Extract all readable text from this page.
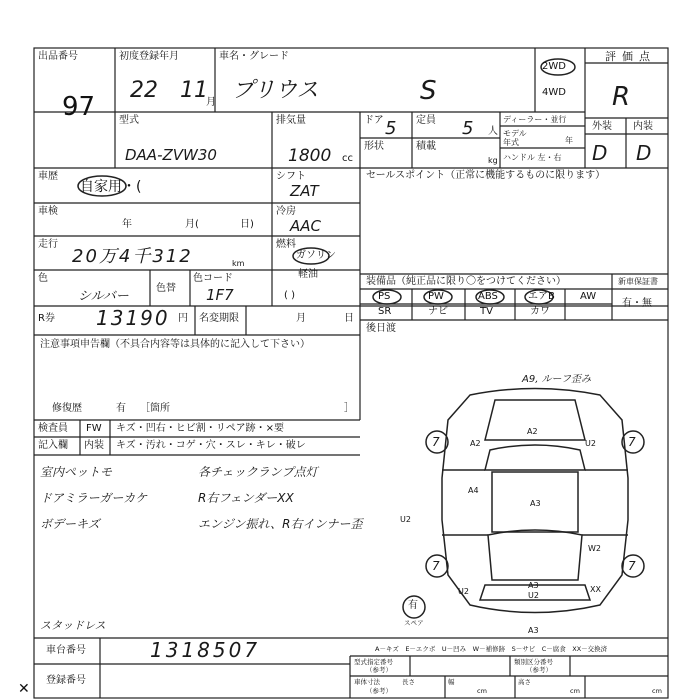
出品番号
97
初度登録年月
22 11
月
車名・グレード
プリウス	S
2WD
4WD
評価点
R
型式
DAA-ZVW30
排気量
1800 cc
ドア 5 定員 5 人
形状	積載
kg
ディーラー・並行
モデル
年式	年
ハンドル 左・右
外装 内装
D D
車歴
自家用・(
車検
年	月(	日)
走行
20万4千312	km
色
シルバー
色替
色コード
1F7
シフト
ZAT
冷房
AAC
燃料
ガソリン
軽油
( )
セールスポイント（正常に機能するものに限ります）
装備品（純正品に限り〇をつけてください）
PS	PW	ABS	エアB	AW
SR	ナビ	TV	カワ
新車保証書
有・無
後日渡
R券 13190 円 名変期限	月	日
注意事項申告欄（不具合内容等は具体的に記入して下さい）
修復歴	有 ［箇所	］
検査員
記入欄
FW キズ・凹右・ヒビ割・リペア跡・×要
内装 キズ・汚れ・コゲ・穴・スレ・キレ・破レ
室内ペットモ
ドアミラーガーカケ
ボデーキズ
各チェックランプ点灯
R右フェンダーXX
エンジン振れ、R右インナー歪
スタッドレス
✕
A9, ルーフ歪み
A2
A2	U2
A4
A3
W2
U2
A3
U2
XX
A3
U2
7	7
7	7
有
スペア
車台番号	1318507
登録番号
A－キズ　E－エクボ　U－凹み　W－補修跡　S－サビ　C－腐食　XX－交換済
型式指定番号
（参考）
類別区分番号
（参考）
車体寸法
（参考）
長さ
cm
幅
cm
高さ
cm
